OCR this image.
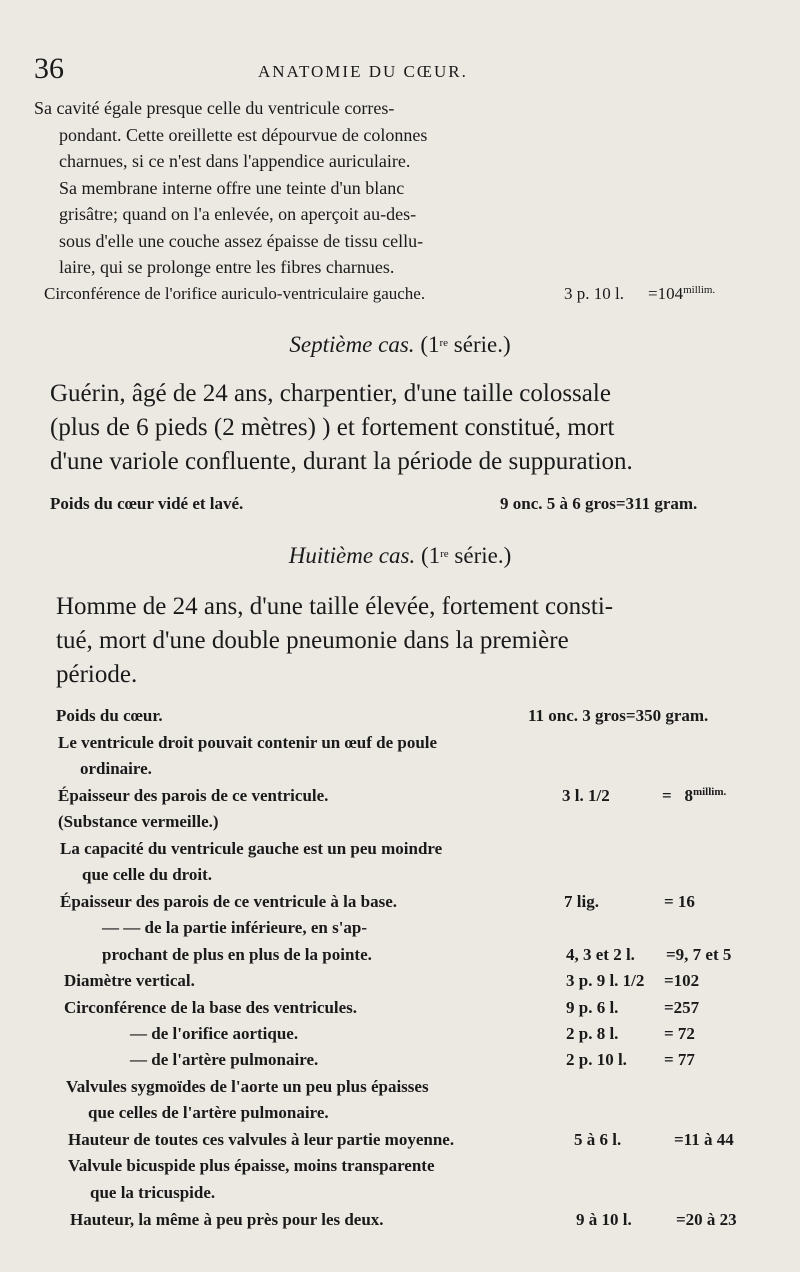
36	ANATOMIE DU CŒUR.
Sa cavité égale presque celle du ventricule corres-
pondant. Cette oreillette est dépourvue de colonnes
charnues, si ce n'est dans l'appendice auriculaire.
Sa membrane interne offre une teinte d'un blanc
grisâtre; quand on l'a enlevée, on aperçoit au-des-
sous d'elle une couche assez épaisse de tissu cellu-
laire, qui se prolonge entre les fibres charnues.
Circonférence de l'orifice auriculo-ventriculaire gauche.	3 p. 10 l. $=104^{millim.}$
Septième cas. (1re série.)
Guérin, âgé de 24 ans, charpentier, d'une taille colossale
(plus de 6 pieds (2 mètres) ) et fortement constitué, mort
d'une variole confluente, durant la période de suppuration.
Poids du cœur vidé et lavé.	9 onc. 5 à 6 gros=311 gram.
Huitième cas. (1re série.)
Homme de 24 ans, d'une taille élevée, fortement consti-
tué, mort d'une double pneumonie dans la première
période.
Poids du cœur.	11 onc. 3 gros=350 gram.
Le ventricule droit pouvait contenir un œuf de poule
ordinaire.
Épaisseur des parois de ce ventricule.	3 l. 1/2	= $8^{millim.}$
(Substance vermeille.)
La capacité du ventricule gauche est un peu moindre
que celle du droit.
Épaisseur des parois de ce ventricule à la base.	7 lig.	= 16
— — de la partie inférieure, en s'ap-
prochant de plus en plus de la pointe.	4, 3 et 2 l. =9, 7 et 5
Diamètre vertical.	3 p. 9 l. 1/2 =102
Circonférence de la base des ventricules.	9 p. 6 l.	=257
— de l'orifice aortique.	2 p. 8 l.	= 72
— de l'artère pulmonaire.	2 p. 10 l. = 77
Valvules sygmoïdes de l'aorte un peu plus épaisses
que celles de l'artère pulmonaire.
Hauteur de toutes ces valvules à leur partie moyenne.	5 à 6 l.	=11 à 44
Valvule bicuspide plus épaisse, moins transparente
que la tricuspide.
Hauteur, la même à peu près pour les deux.	9 à 10 l.	=20 à 23
